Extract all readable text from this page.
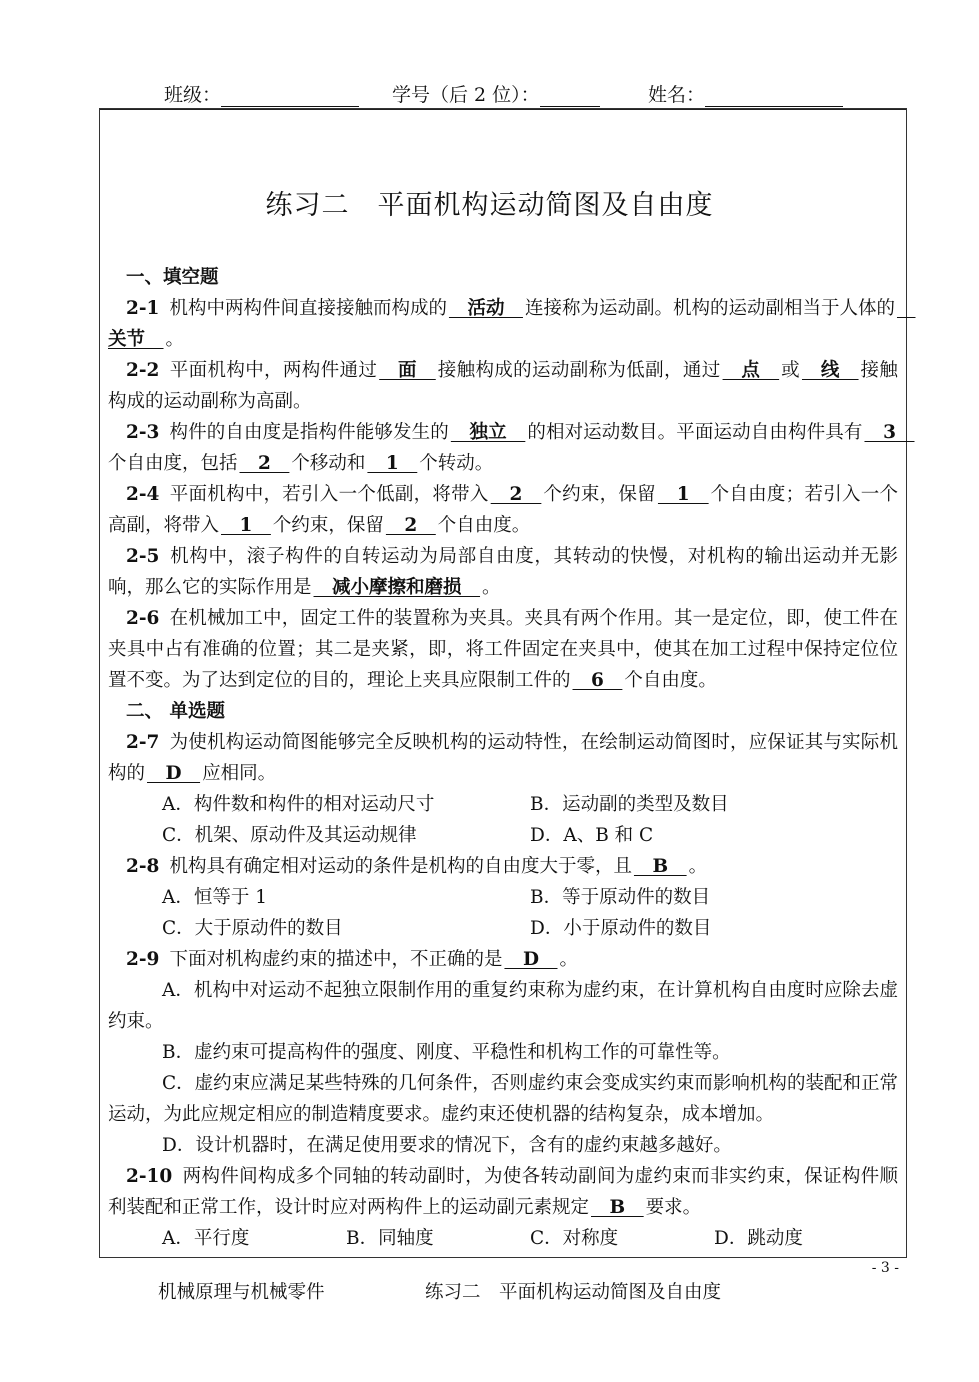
班级：	学号（后 2 位）：	姓名：
练习二　平面机构运动简图及自由度

一、填空题

2-1 机构中两构件间直接接触而构成的　活动　连接称为运动副。机构的运动副相当于人体的　关节　。

2-2 平面机构中，两构件通过　面　接触构成的运动副称为低副，通过　点　或　线　接触构成的运动副称为高副。

2-3 构件的自由度是指构件能够发生的　独立　的相对运动数目。平面运动自由构件具有　3　个自由度，包括　2　个移动和　1　个转动。

2-4 平面机构中，若引入一个低副，将带入　2　个约束，保留　1　个自由度；若引入一个高副，将带入　1　个约束，保留　2　个自由度。

2-5 机构中，滚子构件的自转运动为局部自由度，其转动的快慢，对机构的输出运动并无影响，那么它的实际作用是　减小摩擦和磨损　。

2-6 在机械加工中，固定工件的装置称为夹具。夹具有两个作用。其一是定位，即，使工件在夹具中占有准确的位置；其二是夹紧，即，将工件固定在夹具中，使其在加工过程中保持定位位置不变。为了达到定位的目的，理论上夹具应限制工件的　6　个自由度。

二、 单选题

2-7 为使机构运动简图能够完全反映机构的运动特性，在绘制运动简图时，应保证其与实际机构的　D　应相同。

A．构件数和构件的相对运动尺寸	B．运动副的类型及数目
C．机架、原动件及其运动规律	D．A、B 和 C

2-8 机构具有确定相对运动的条件是机构的自由度大于零，且　B　。

A．恒等于 1	B．等于原动件的数目
C．大于原动件的数目	D．小于原动件的数目

2-9 下面对机构虚约束的描述中，不正确的是　D　。

A．机构中对运动不起独立限制作用的重复约束称为虚约束，在计算机构自由度时应除去虚约束。

B．虚约束可提高构件的强度、刚度、平稳性和机构工作的可靠性等。

C．虚约束应满足某些特殊的几何条件，否则虚约束会变成实约束而影响机构的装配和正常运动，为此应规定相应的制造精度要求。虚约束还使机器的结构复杂，成本增加。

D．设计机器时，在满足使用要求的情况下，含有的虚约束越多越好。

2-10 两构件间构成多个同轴的转动副时，为使各转动副间为虚约束而非实约束，保证构件顺利装配和正常工作，设计时应对两构件上的运动副元素规定　B　要求。

A．平行度	B．同轴度	C．对称度	D．跳动度
- 3 -
机械原理与机械零件	练习二　平面机构运动简图及自由度
